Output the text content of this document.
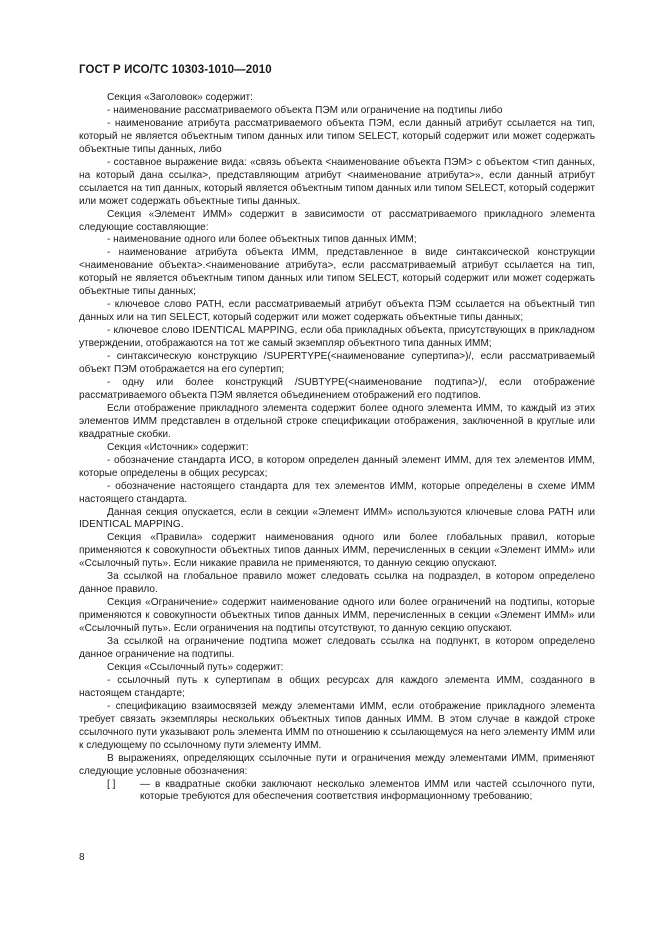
ГОСТ Р ИСО/ТС 10303-1010—2010

Секция «Заголовок» содержит:

- наименование рассматриваемого объекта ПЭМ или ограничение на подтипы либо

- наименование атрибута рассматриваемого объекта ПЭМ, если данный атрибут ссылается на тип, который не является объектным типом данных или типом SELECT, который содержит или может содержать объектные типы данных, либо

- составное выражение вида: «связь объекта <наименование объекта ПЭМ> с объектом <тип данных, на который дана ссылка>, представляющим атрибут <наименование атрибута>», если данный атрибут ссылается на тип данных, который является объектным типом данных или типом SELECT, который содержит или может содержать объектные типы данных.

Секция «Элемент ИММ» содержит в зависимости от рассматриваемого прикладного элемента следующие составляющие:

- наименование одного или более объектных типов данных ИММ;

- наименование атрибута объекта ИММ, представленное в виде синтаксической конструкции <наименование объекта>.<наименование атрибута>, если рассматриваемый атрибут ссылается на тип, который не является объектным типом данных или типом SELECT, который содержит или может содержать объектные типы данных;

- ключевое слово PATH, если рассматриваемый атрибут объекта ПЭМ ссылается на объектный тип данных или на тип SELECT, который содержит или может содержать объектные типы данных;

- ключевое слово IDENTICAL MAPPING, если оба прикладных объекта, присутствующих в прикладном утверждении, отображаются на тот же самый экземпляр объектного типа данных ИММ;

- синтаксическую конструкцию /SUPERTYPE(<наименование супертипа>)/, если рассматриваемый объект ПЭМ отображается на его супертип;

- одну или более конструкций /SUBTYPE(<наименование подтипа>)/, если отображение рассматриваемого объекта ПЭМ является объединением отображений его подтипов.

Если отображение прикладного элемента содержит более одного элемента ИММ, то каждый из этих элементов ИММ представлен в отдельной строке спецификации отображения, заключенной в круглые или квадратные скобки.

Секция «Источник» содержит:

- обозначение стандарта ИСО, в котором определен данный элемент ИММ, для тех элементов ИММ, которые определены в общих ресурсах;

- обозначение настоящего стандарта для тех элементов ИММ, которые определены в схеме ИММ настоящего стандарта.

Данная секция опускается, если в секции «Элемент ИММ» используются ключевые слова PATH или IDENTICAL MAPPING.

Секция «Правила» содержит наименования одного или более глобальных правил, которые применяются к совокупности объектных типов данных ИММ, перечисленных в секции «Элемент ИММ» или «Ссылочный путь». Если никакие правила не применяются, то данную секцию опускают.

За ссылкой на глобальное правило может следовать ссылка на подраздел, в котором определено данное правило.

Секция «Ограничение» содержит наименование одного или более ограничений на подтипы, которые применяются к совокупности объектных типов данных ИММ, перечисленных в секции «Элемент ИММ» или «Ссылочный путь». Если ограничения на подтипы отсутствуют, то данную секцию опускают.

За ссылкой на ограничение подтипа может следовать ссылка на подпункт, в котором определено данное ограничение на подтипы.

Секция «Ссылочный путь» содержит:

- ссылочный путь к супертипам в общих ресурсах для каждого элемента ИММ, созданного в настоящем стандарте;

- спецификацию взаимосвязей между элементами ИММ, если отображение прикладного элемента требует связать экземпляры нескольких объектных типов данных ИММ. В этом случае в каждой строке ссылочного пути указывают роль элемента ИММ по отношению к ссылающемуся на него элементу ИММ или к следующему по ссылочному пути элементу ИММ.

В выражениях, определяющих ссылочные пути и ограничения между элементами ИММ, применяют следующие условные обозначения:

[ ] — в квадратные скобки заключают несколько элементов ИММ или частей ссылочного пути, которые требуются для обеспечения соответствия информационному требованию;

8
